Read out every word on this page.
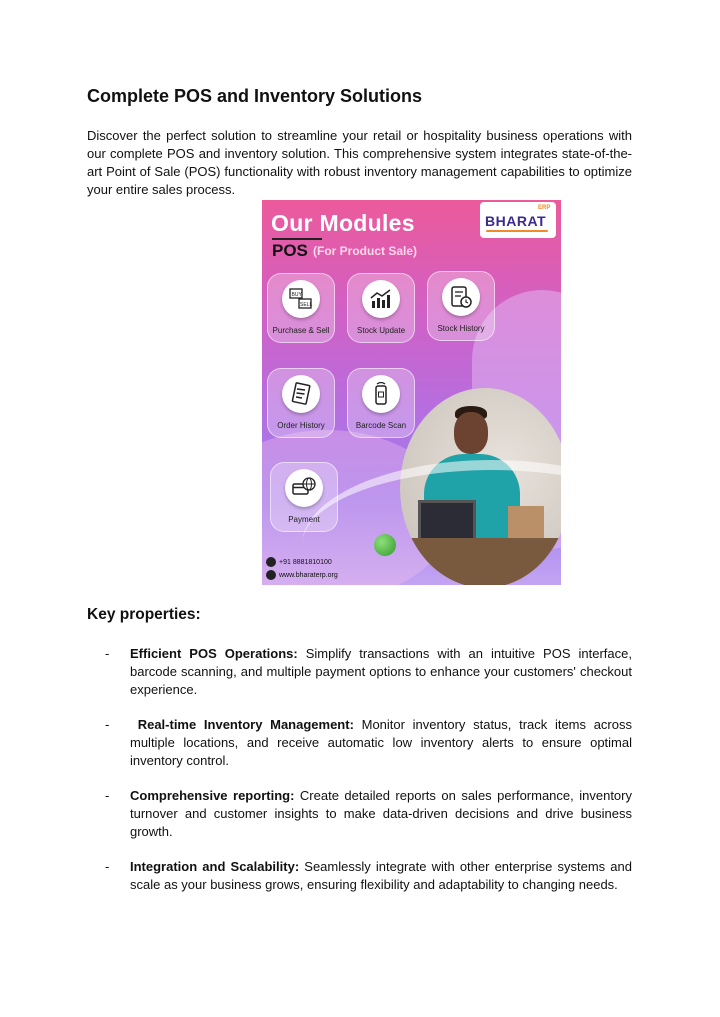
Complete POS and Inventory Solutions

Discover the perfect solution to streamline your retail or hospitality business operations with our complete POS and inventory solution. This comprehensive system integrates state-of-the-art Point of Sale (POS) functionality with robust inventory management capabilities to optimize your entire sales process.

Our Modules
POS (For Product Sale)
BHARAT
ERP
BUY
SELL
Purchase & Sell	Stock Update	Stock History
Order History	Barcode Scan
Payment
+91 8881810100
www.bharaterp.org
Key properties:
- Efficient POS Operations: Simplify transactions with an intuitive POS interface, barcode scanning, and multiple payment options to enhance your customers' checkout experience.
- Real-time Inventory Management: Monitor inventory status, track items across multiple locations, and receive automatic low inventory alerts to ensure optimal inventory control.
- Comprehensive reporting: Create detailed reports on sales performance, inventory turnover and customer insights to make data-driven decisions and drive business growth.
- Integration and Scalability: Seamlessly integrate with other enterprise systems and scale as your business grows, ensuring flexibility and adaptability to changing needs.
